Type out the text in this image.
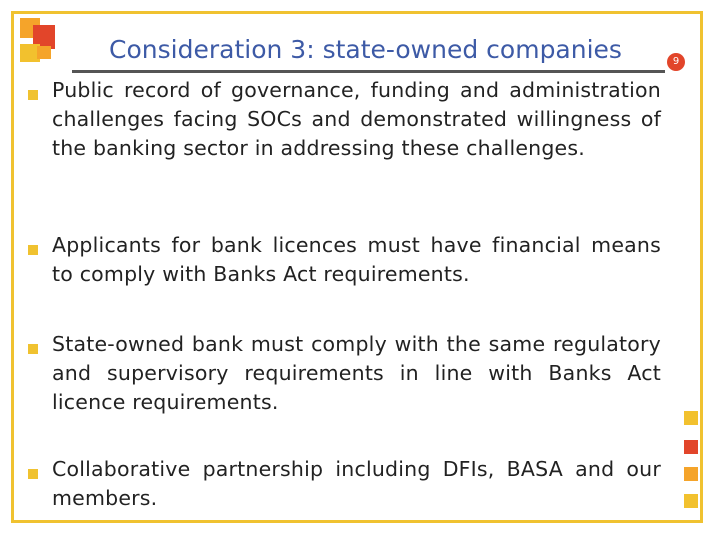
Consideration 3: state-owned companies	9
Public record of governance, funding and administration challenges facing SOCs and demonstrated willingness of the banking sector in addressing these challenges.
Applicants for bank licences must have financial means to comply with Banks Act requirements.
State-owned bank must comply with the same regulatory and supervisory requirements in line with Banks Act licence requirements.
Collaborative partnership including DFIs, BASA and our members.
